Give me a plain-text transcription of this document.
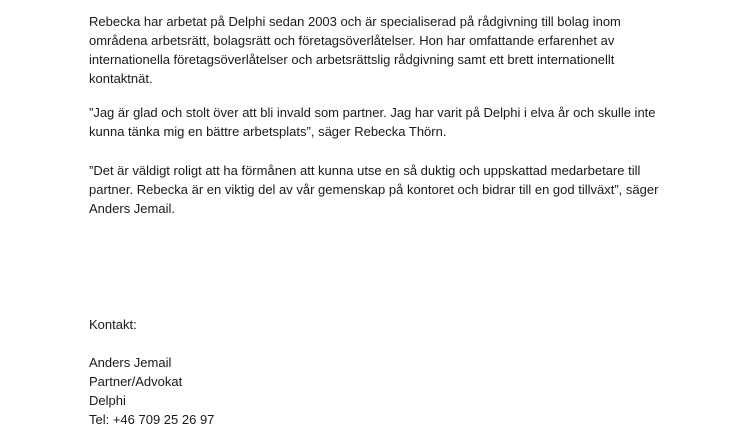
Rebecka har arbetat på Delphi sedan 2003 och är specialiserad på rådgivning till bolag inom
områdena arbetsrätt, bolagsrätt och företagsöverlåtelser. Hon har omfattande erfarenhet av
internationella företagsöverlåtelser och arbetsrättslig rådgivning samt ett brett internationellt
kontaktnät.

”Jag är glad och stolt över att bli invald som partner. Jag har varit på Delphi i elva år och skulle inte
kunna tänka mig en bättre arbetsplats”, säger Rebecka Thörn.

”Det är väldigt roligt att ha förmånen att kunna utse en så duktig och uppskattad medarbetare till
partner. Rebecka är en viktig del av vår gemenskap på kontoret och bidrar till en god tillväxt”, säger
Anders Jemail.

Kontakt:

Anders Jemail
Partner/Advokat
Delphi
Tel: +46 709 25 26 97
